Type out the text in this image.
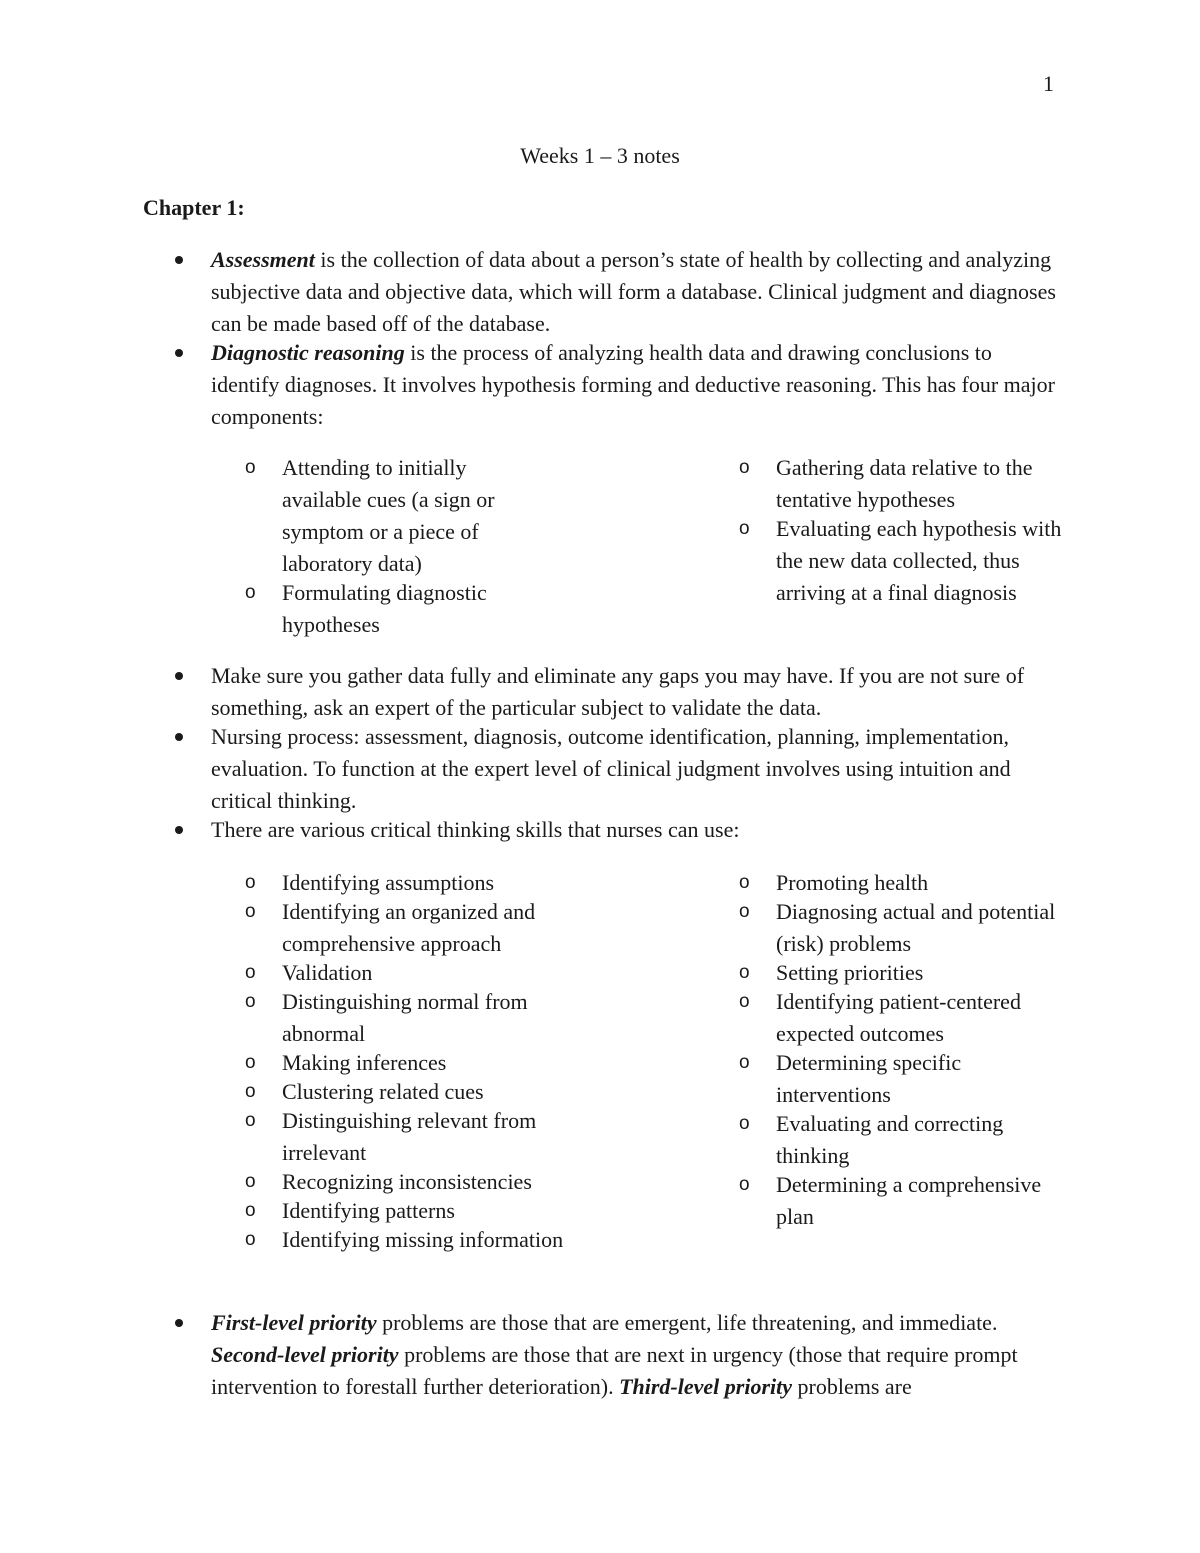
1
Weeks 1 – 3 notes
Chapter 1:
Assessment is the collection of data about a person’s state of health by collecting and analyzing subjective data and objective data, which will form a database. Clinical judgment and diagnoses can be made based off of the database.
Diagnostic reasoning is the process of analyzing health data and drawing conclusions to identify diagnoses. It involves hypothesis forming and deductive reasoning. This has four major components:
o Attending to initially available cues (a sign or symptom or a piece of laboratory data)
o Formulating diagnostic hypotheses
o Gathering data relative to the tentative hypotheses
o Evaluating each hypothesis with the new data collected, thus arriving at a final diagnosis
Make sure you gather data fully and eliminate any gaps you may have. If you are not sure of something, ask an expert of the particular subject to validate the data.
Nursing process: assessment, diagnosis, outcome identification, planning, implementation, evaluation. To function at the expert level of clinical judgment involves using intuition and critical thinking.
There are various critical thinking skills that nurses can use:
o Identifying assumptions
o Identifying an organized and comprehensive approach
o Validation
o Distinguishing normal from abnormal
o Making inferences
o Clustering related cues
o Distinguishing relevant from irrelevant
o Recognizing inconsistencies
o Identifying patterns
o Identifying missing information
o Promoting health
o Diagnosing actual and potential (risk) problems
o Setting priorities
o Identifying patient-centered expected outcomes
o Determining specific interventions
o Evaluating and correcting thinking
o Determining a comprehensive plan
First-level priority problems are those that are emergent, life threatening, and immediate. Second-level priority problems are those that are next in urgency (those that require prompt intervention to forestall further deterioration). Third-level priority problems are
